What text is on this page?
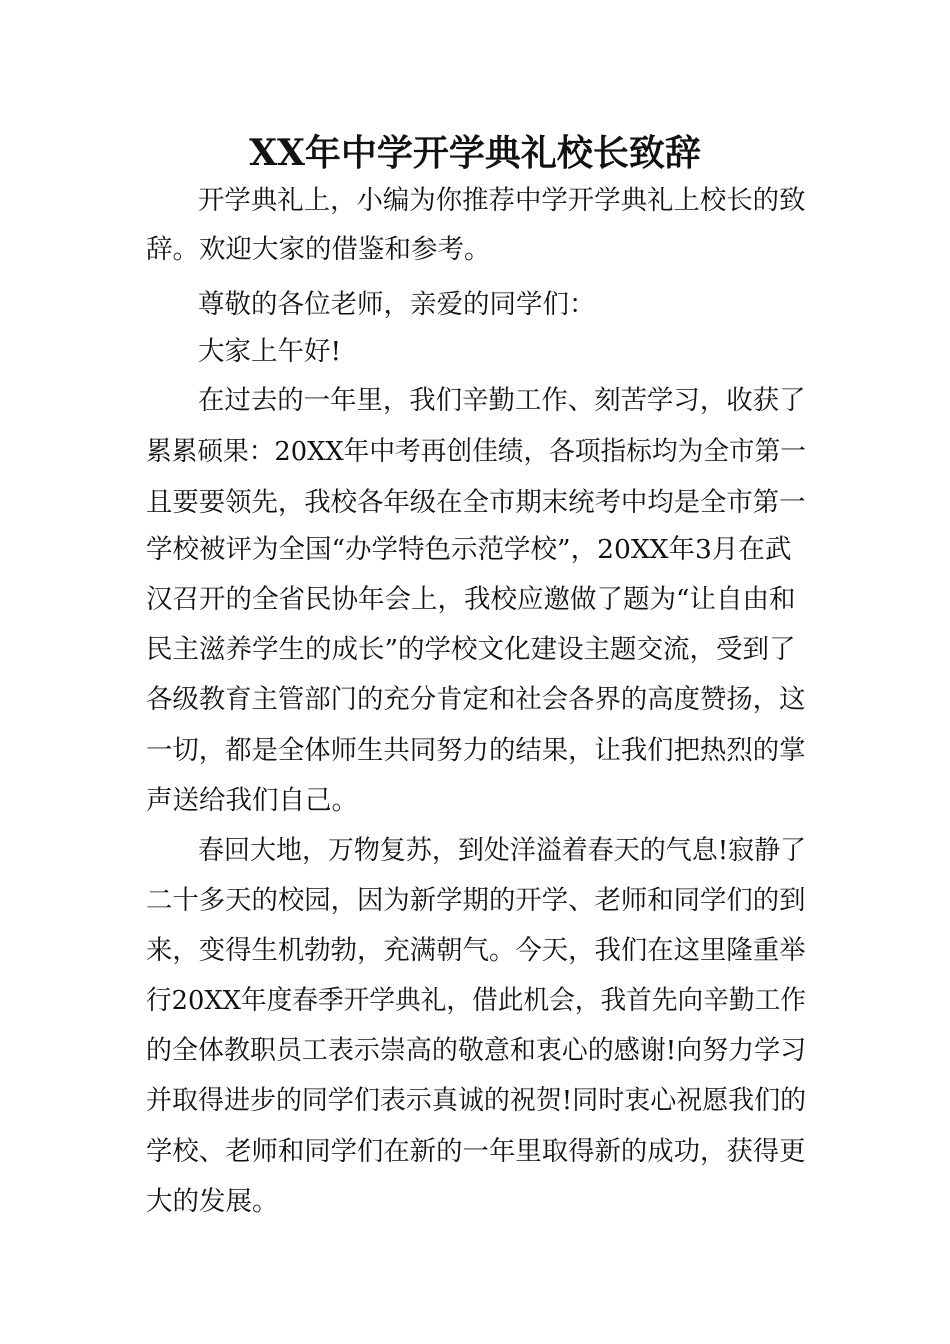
XX年中学开学典礼校长致辞
开学典礼上，小编为你推荐中学开学典礼上校长的致
辞。欢迎大家的借鉴和参考。
尊敬的各位老师，亲爱的同学们：
大家上午好!
在过去的一年里，我们辛勤工作、刻苦学习，收获了
累累硕果：20XX年中考再创佳绩，各项指标均为全市第一
且要要领先，我校各年级在全市期末统考中均是全市第一
学校被评为全国“办学特色示范学校”，20XX年3月在武
汉召开的全省民协年会上，我校应邀做了题为“让自由和
民主滋养学生的成长”的学校文化建设主题交流，受到了
各级教育主管部门的充分肯定和社会各界的高度赞扬，这
一切，都是全体师生共同努力的结果，让我们把热烈的掌
声送给我们自己。
春回大地，万物复苏，到处洋溢着春天的气息!寂静了
二十多天的校园，因为新学期的开学、老师和同学们的到
来，变得生机勃勃，充满朝气。今天，我们在这里隆重举
行20XX年度春季开学典礼，借此机会，我首先向辛勤工作
的全体教职员工表示崇高的敬意和衷心的感谢!向努力学习
并取得进步的同学们表示真诚的祝贺!同时衷心祝愿我们的
学校、老师和同学们在新的一年里取得新的成功，获得更
大的发展。
